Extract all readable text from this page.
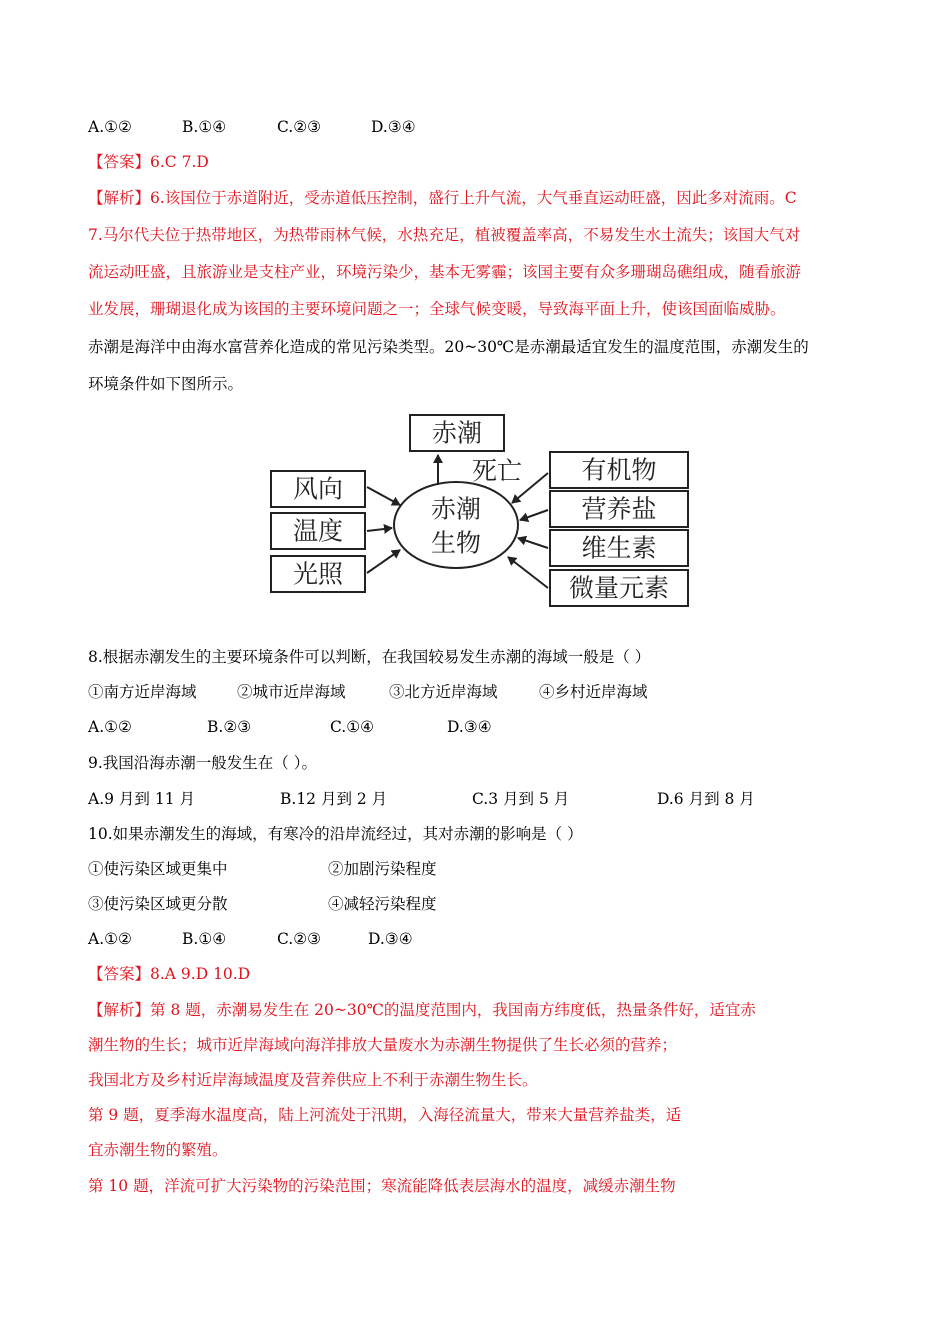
A.①②	B.①④	C.②③	D.③④
【答案】6.C 7.D
【解析】6.该国位于赤道附近，受赤道低压控制，盛行上升气流，大气垂直运动旺盛，因此多对流雨。C
7.马尔代夫位于热带地区，为热带雨林气候，水热充足，植被覆盖率高，不易发生水土流失；该国大气对
流运动旺盛，且旅游业是支柱产业，环境污染少，基本无雾霾；该国主要有众多珊瑚岛礁组成，随看旅游
业发展，珊瑚退化成为该国的主要环境问题之一；全球气候变暖，导致海平面上升，使该国面临威胁。
赤潮是海洋中由海水富营养化造成的常见污染类型。20~30℃是赤潮最适宜发生的温度范围，赤潮发生的
环境条件如下图所示。
赤潮
死亡
赤潮
生物
风向
温度
光照
有机物
营养盐
维生素
微量元素
8.根据赤潮发生的主要环境条件可以判断，在我国较易发生赤潮的海域一般是（ ）
①南方近岸海域	②城市近岸海域	③北方近岸海域	④乡村近岸海域
A.①②	B.②③	C.①④	D.③④
9.我国沿海赤潮一般发生在（ ）。
A.9 月到 11 月	B.12 月到 2 月	C.3 月到 5 月	D.6 月到 8 月
10.如果赤潮发生的海域，有寒冷的沿岸流经过，其对赤潮的影响是（ ）
①使污染区域更集中	②加剧污染程度
③使污染区域更分散	④减轻污染程度
A.①②	B.①④	C.②③	D.③④
【答案】8.A 9.D 10.D
【解析】第 8 题，赤潮易发生在 20~30℃的温度范围内，我国南方纬度低，热量条件好，适宜赤
潮生物的生长；城市近岸海域向海洋排放大量废水为赤潮生物提供了生长必须的营养；
我国北方及乡村近岸海域温度及营养供应上不利于赤潮生物生长。
第 9 题，夏季海水温度高，陆上河流处于汛期，入海径流量大，带来大量营养盐类，适
宜赤潮生物的繁殖。
第 10 题，洋流可扩大污染物的污染范围；寒流能降低表层海水的温度，减缓赤潮生物
